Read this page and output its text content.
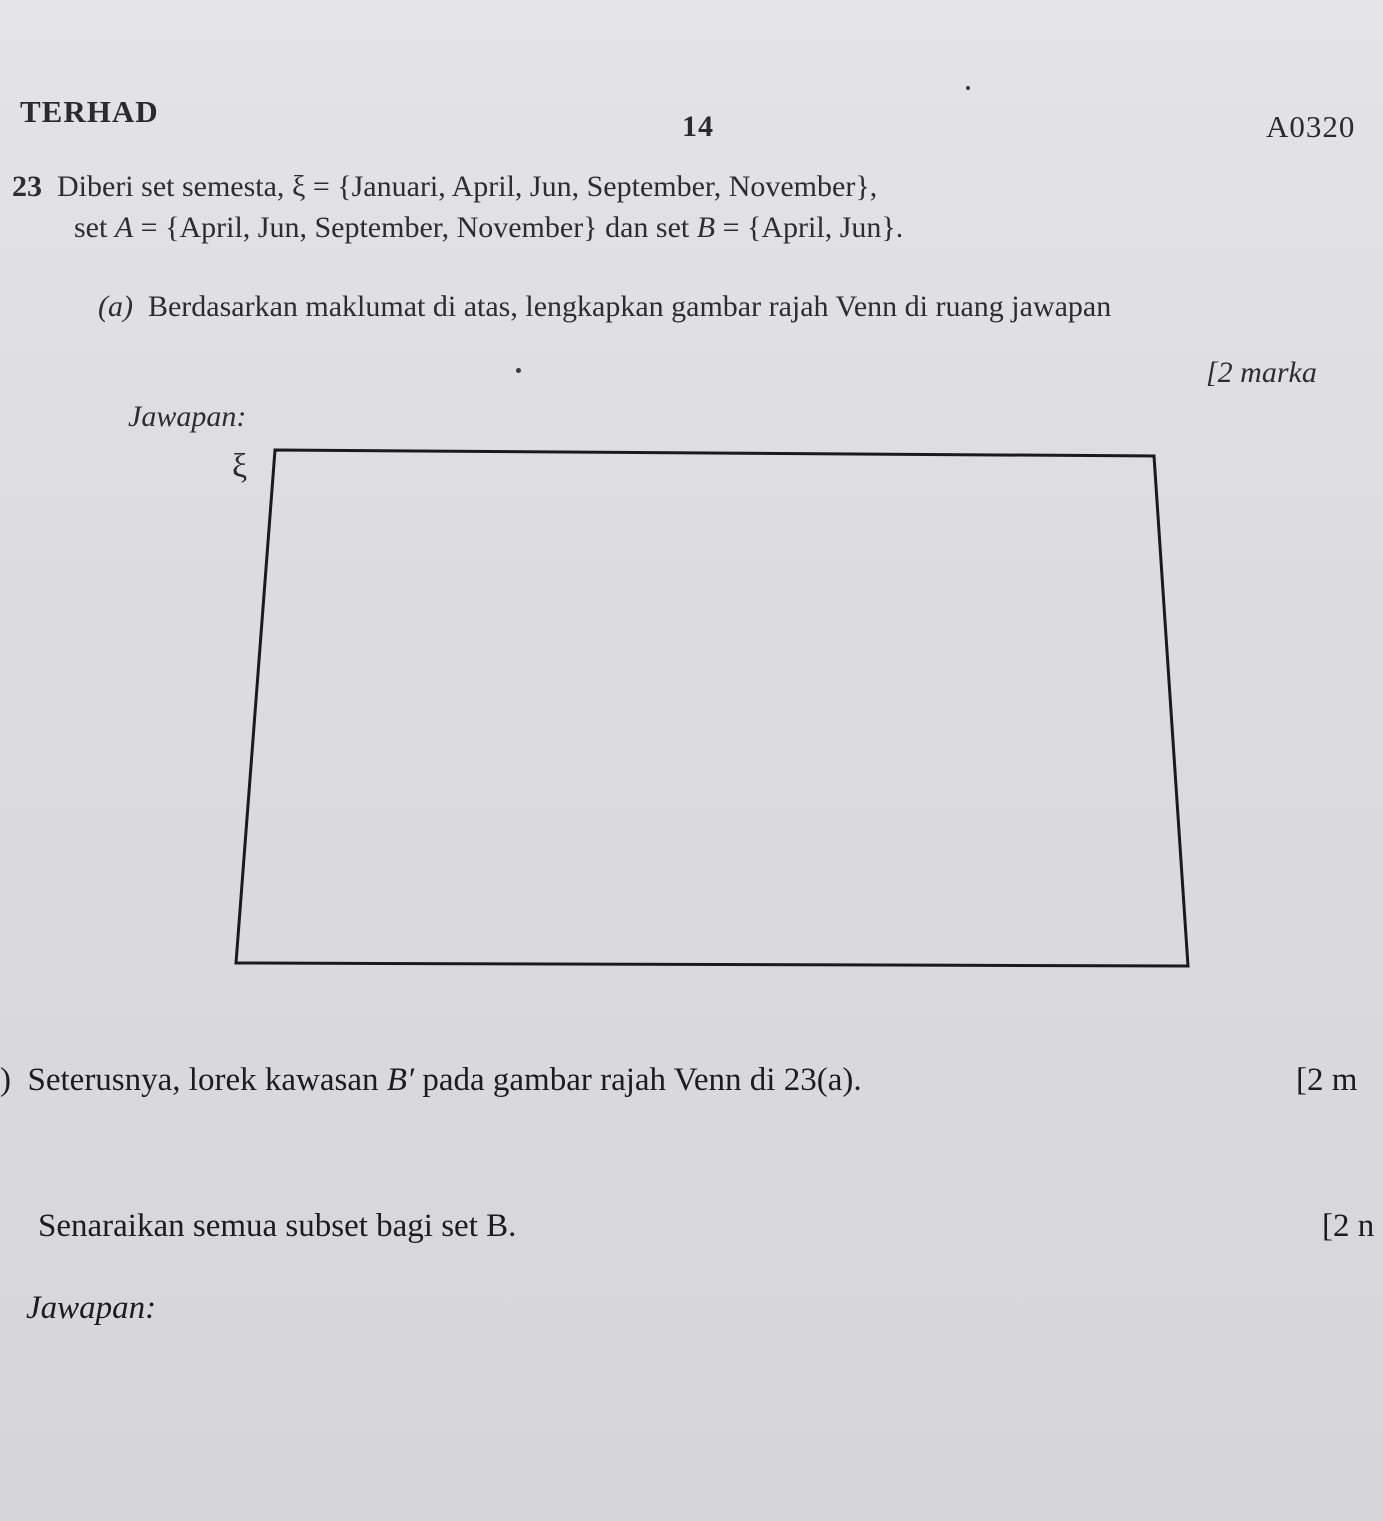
TERHAD	14	A0320
23 Diberi set semesta, ξ = {Januari, April, Jun, September, November},
set A = {April, Jun, September, November} dan set B = {April, Jun}.
(a) Berdasarkan maklumat di atas, lengkapkan gambar rajah Venn di ruang jawapan
[2 marka
Jawapan:
ξ
) Seterusnya, lorek kawasan B′ pada gambar rajah Venn di 23(a).	[2 m
Senaraikan semua subset bagi set B.	[2 n
Jawapan:
